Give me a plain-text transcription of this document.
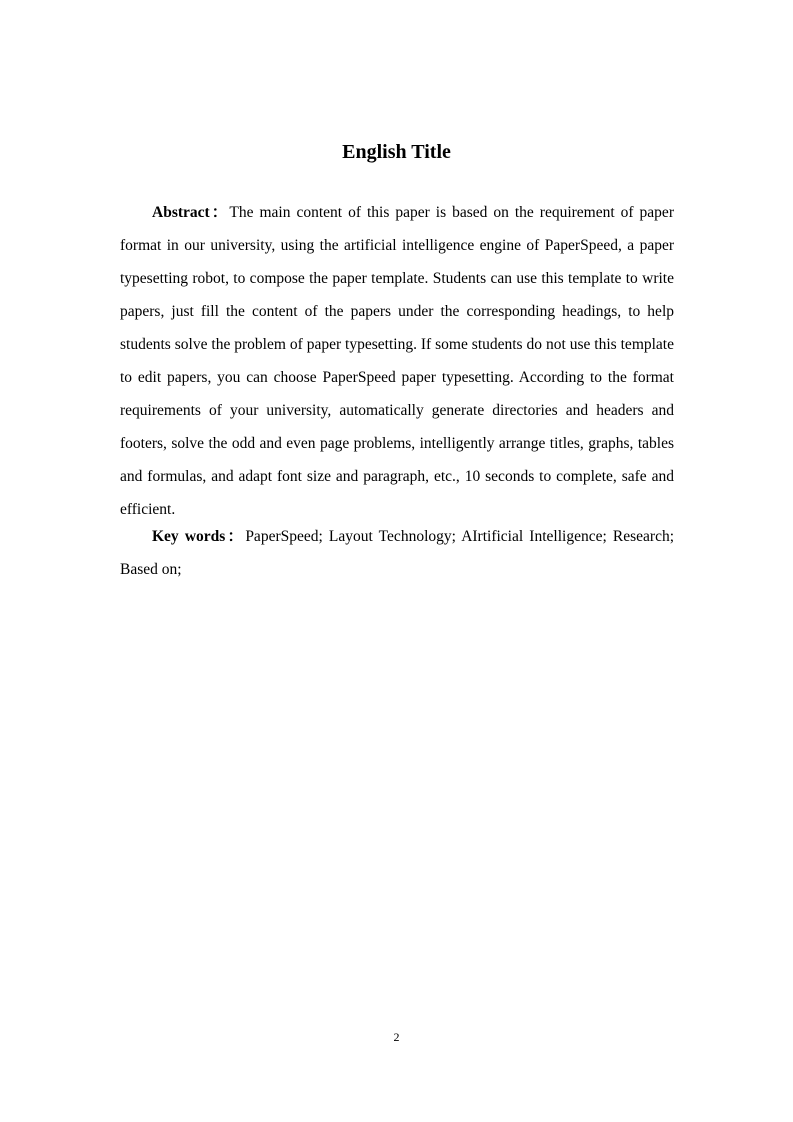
English Title

Abstract：The main content of this paper is based on the requirement of paper format in our university, using the artificial intelligence engine of PaperSpeed, a paper typesetting robot, to compose the paper template. Students can use this template to write papers, just fill the content of the papers under the corresponding headings, to help students solve the problem of paper typesetting. If some students do not use this template to edit papers, you can choose PaperSpeed paper typesetting. According to the format requirements of your university, automatically generate directories and headers and footers, solve the odd and even page problems, intelligently arrange titles, graphs, tables and formulas, and adapt font size and paragraph, etc., 10 seconds to complete, safe and efficient.

Key words：PaperSpeed; Layout Technology; AIrtificial Intelligence; Research; Based on;

2
